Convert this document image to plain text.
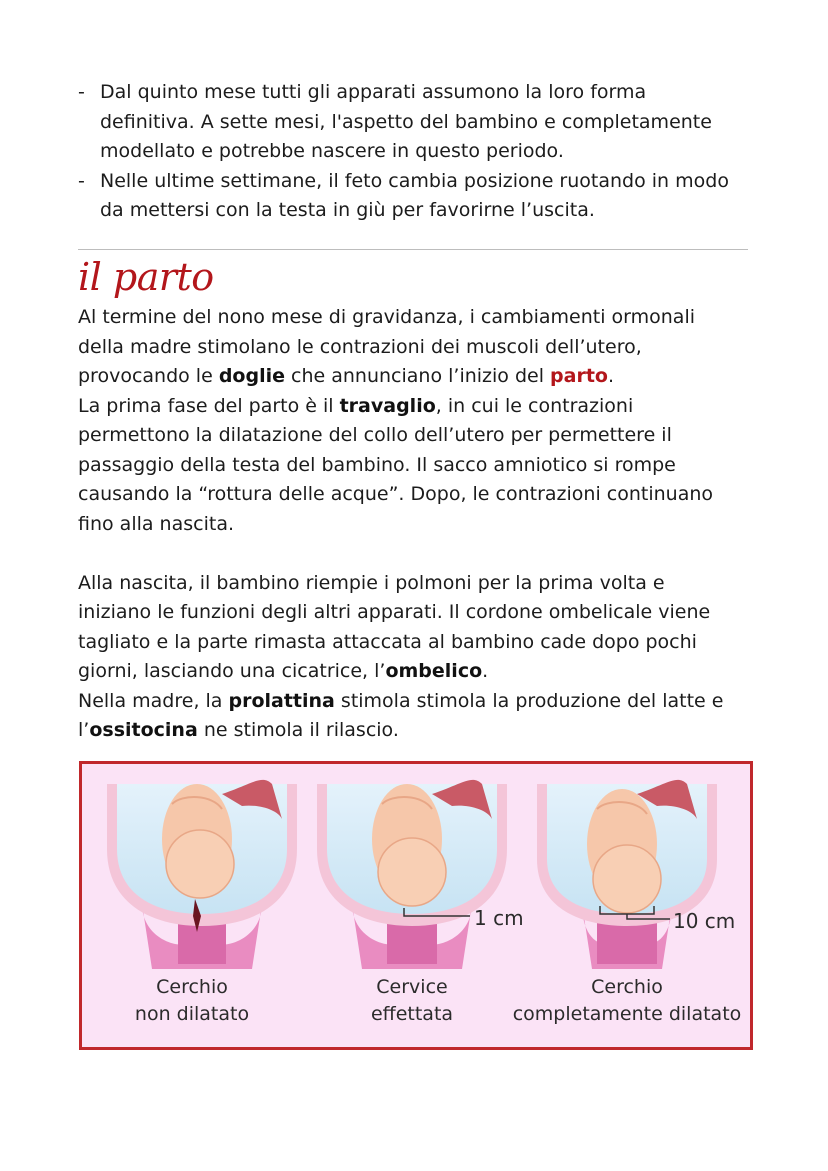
- Dal quinto mese tutti gli apparati assumono la loro forma
definitiva. A sette mesi, l'aspetto del bambino e completamente
modellato e potrebbe nascere in questo periodo.
- Nelle ultime settimane, il feto cambia posizione ruotando in modo
da mettersi con la testa in giù per favorirne l’uscita.
il parto

Al termine del nono mese di gravidanza, i cambiamenti ormonali

della madre stimolano le contrazioni dei muscoli dell’utero,

provocando le doglie che annunciano l’inizio del parto.

La prima fase del parto è il travaglio, in cui le contrazioni

permettono la dilatazione del collo dell’utero per permettere il

passaggio della testa del bambino. Il sacco amniotico si rompe

causando la “rottura delle acque”. Dopo, le contrazioni continuano

fino alla nascita.

Alla nascita, il bambino riempie i polmoni per la prima volta e

iniziano le funzioni degli altri apparati. Il cordone ombelicale viene

tagliato e la parte rimasta attaccata al bambino cade dopo pochi

giorni, lasciando una cicatrice, l’ombelico.

Nella madre, la prolattina stimola stimola la produzione del latte e

l’ossitocina ne stimola il rilascio.

1 cm	10 cm
Cerchio
non dilatato
Cervice
effettata
Cerchio
completamente dilatato
